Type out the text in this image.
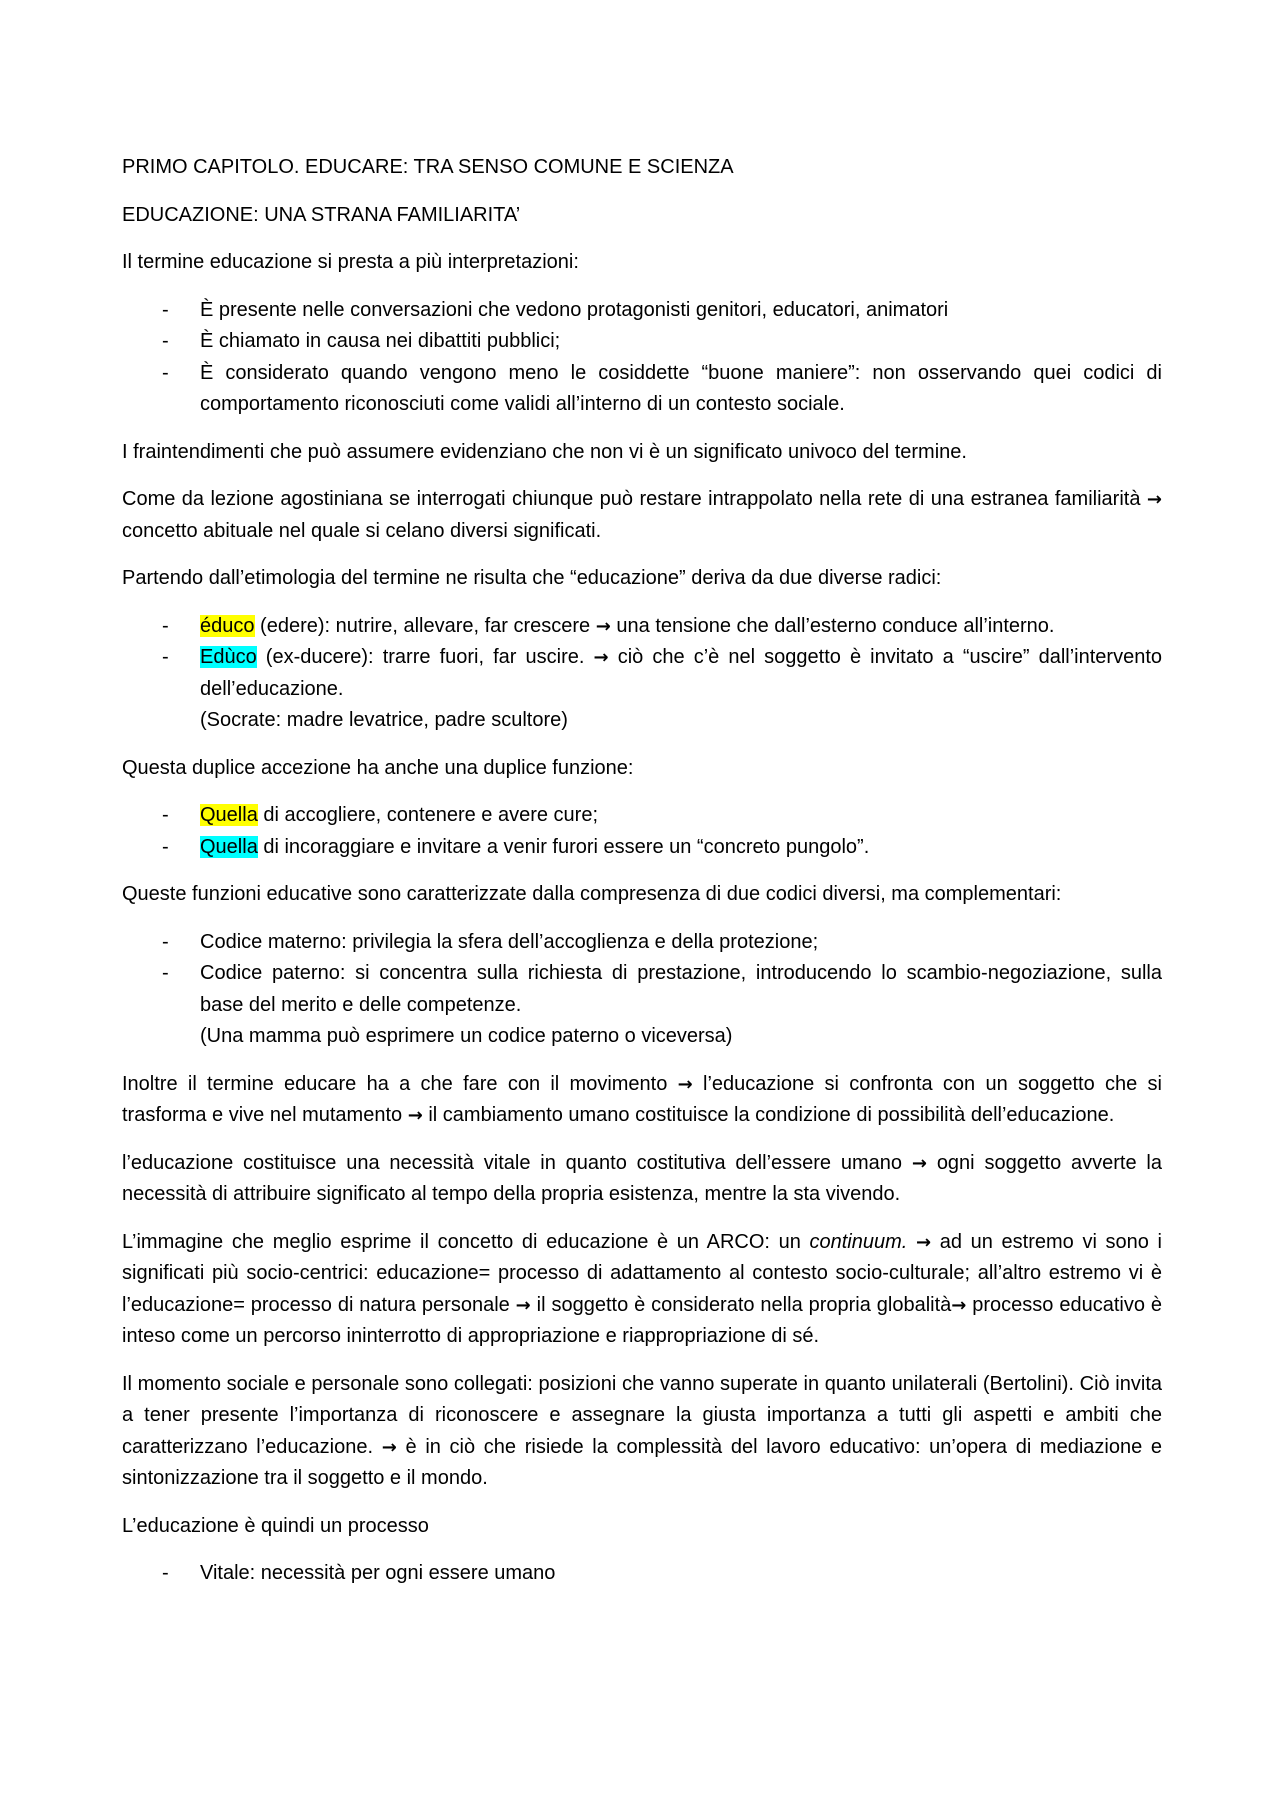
PRIMO CAPITOLO. EDUCARE: TRA SENSO COMUNE E SCIENZA

EDUCAZIONE: UNA STRANA FAMILIARITA’

Il termine educazione si presta a più interpretazioni:

- È presente nelle conversazioni che vedono protagonisti genitori, educatori, animatori
- È chiamato in causa nei dibattiti pubblici;
- È considerato quando vengono meno le cosiddette “buone maniere”: non osservando quei codici di comportamento riconosciuti come validi all’interno di un contesto sociale.

I fraintendimenti che può assumere evidenziano che non vi è un significato univoco del termine.

Come da lezione agostiniana se interrogati chiunque può restare intrappolato nella rete di una estranea familiarità → concetto abituale nel quale si celano diversi significati.

Partendo dall’etimologia del termine ne risulta che “educazione” deriva da due diverse radici:

- éduco (edere): nutrire, allevare, far crescere → una tensione che dall’esterno conduce all’interno.
- Edùco (ex-ducere): trarre fuori, far uscire. → ciò che c’è nel soggetto è invitato a “uscire” dall’intervento dell’educazione.
(Socrate: madre levatrice, padre scultore)

Questa duplice accezione ha anche una duplice funzione:

- Quella di accogliere, contenere e avere cure;
- Quella di incoraggiare e invitare a venir furori essere un “concreto pungolo”.

Queste funzioni educative sono caratterizzate dalla compresenza di due codici diversi, ma complementari:

- Codice materno: privilegia la sfera dell’accoglienza e della protezione;
- Codice paterno: si concentra sulla richiesta di prestazione, introducendo lo scambio-negoziazione, sulla base del merito e delle competenze.
(Una mamma può esprimere un codice paterno o viceversa)

Inoltre il termine educare ha a che fare con il movimento → l’educazione si confronta con un soggetto che si trasforma e vive nel mutamento → il cambiamento umano costituisce la condizione di possibilità dell’educazione.

l’educazione costituisce una necessità vitale in quanto costitutiva dell’essere umano → ogni soggetto avverte la necessità di attribuire significato al tempo della propria esistenza, mentre la sta vivendo.

L’immagine che meglio esprime il concetto di educazione è un ARCO: un continuum. → ad un estremo vi sono i significati più socio-centrici: educazione= processo di adattamento al contesto socio-culturale; all’altro estremo vi è l’educazione= processo di natura personale → il soggetto è considerato nella propria globalità→ processo educativo è inteso come un percorso ininterrotto di appropriazione e riappropriazione di sé.

Il momento sociale e personale sono collegati: posizioni che vanno superate in quanto unilaterali (Bertolini). Ciò invita a tener presente l’importanza di riconoscere e assegnare la giusta importanza a tutti gli aspetti e ambiti che caratterizzano l’educazione. → è in ciò che risiede la complessità del lavoro educativo: un’opera di mediazione e sintonizzazione tra il soggetto e il mondo.

L’educazione è quindi un processo

- Vitale: necessità per ogni essere umano
